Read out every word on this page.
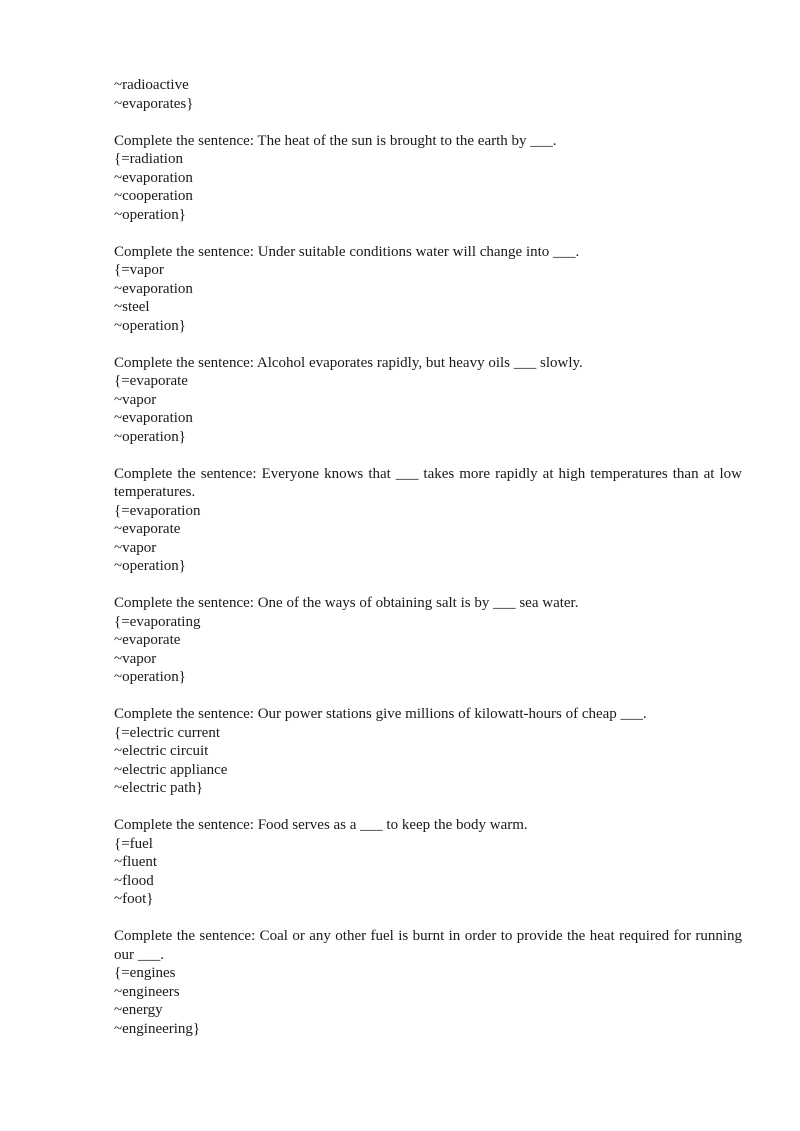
~radioactive
~evaporates}
Complete the sentence: The heat of the sun is brought to the earth by ___.
{=radiation
~evaporation
~cooperation
~operation}
Complete the sentence: Under suitable conditions water will change into ___.
{=vapor
~evaporation
~steel
~operation}
Complete the sentence: Alcohol evaporates rapidly, but heavy oils ___ slowly.
{=evaporate
~vapor
~evaporation
~operation}
Complete the sentence: Everyone knows that ___ takes more rapidly at high temperatures than at low temperatures.
{=evaporation
~evaporate
~vapor
~operation}
Complete the sentence: One of the ways of obtaining salt is by ___ sea water.
{=evaporating
~evaporate
~vapor
~operation}
Complete the sentence: Our power stations give millions of kilowatt-hours of cheap ___.
{=electric current
~electric circuit
~electric appliance
~electric path}
Complete the sentence: Food serves as a ___ to keep the body warm.
{=fuel
~fluent
~flood
~foot}
Complete the sentence: Coal or any other fuel is burnt in order to provide the heat required for running our ___.
{=engines
~engineers
~energy
~engineering}
